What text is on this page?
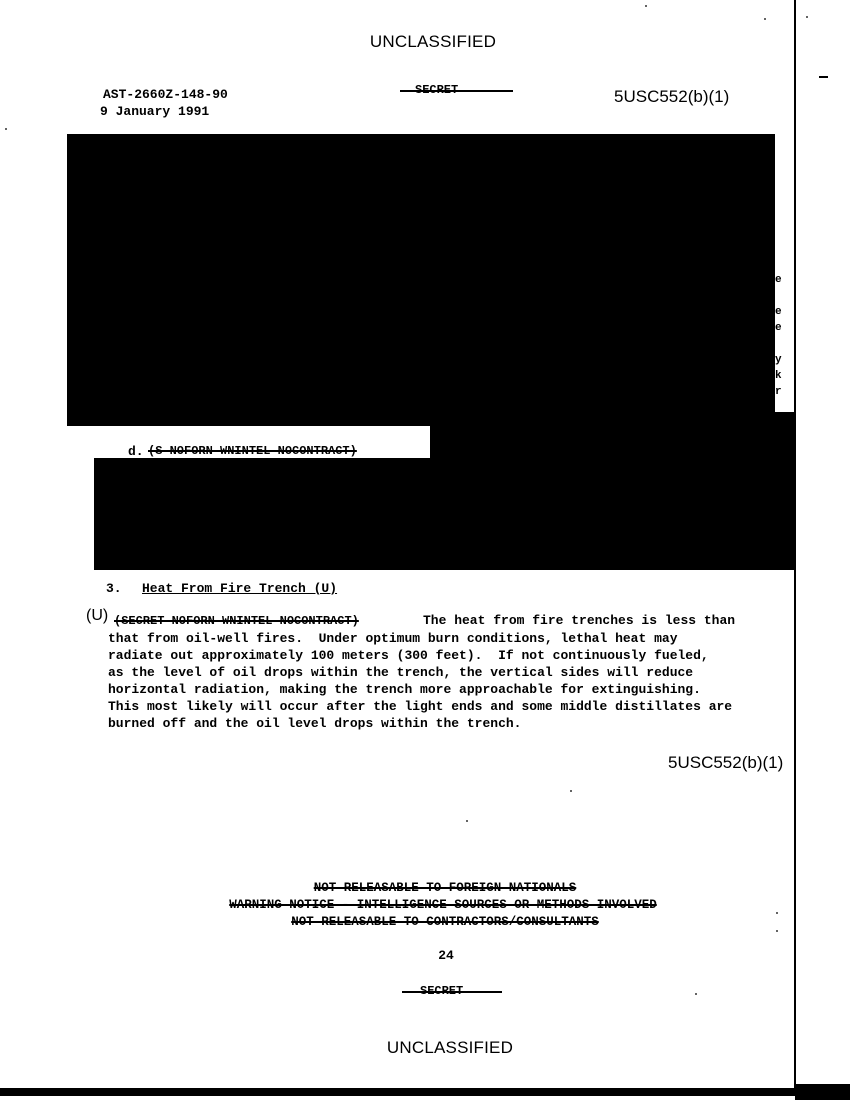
UNCLASSIFIED
AST-2660Z-148-90
9 January 1991
SECRET	5USC552(b)(1)
e

e
e

y
k
r
d. (S NOFORN WNINTEL NOCONTRACT)
3. Heat From Fire Trench (U)
(U) (SECRET NOFORN WNINTEL NOCONTRACT)	The heat from fire trenches is less than
that from oil-well fires.  Under optimum burn conditions, lethal heat may
radiate out approximately 100 meters (300 feet).  If not continuously fueled,
as the level of oil drops within the trench, the vertical sides will reduce
horizontal radiation, making the trench more approachable for extinguishing.
This most likely will occur after the light ends and some middle distillates are
burned off and the oil level drops within the trench.
5USC552(b)(1)
NOT RELEASABLE TO FOREIGN NATIONALS
WARNING NOTICE - INTELLIGENCE SOURCES OR METHODS INVOLVED
NOT RELEASABLE TO CONTRACTORS/CONSULTANTS
24
SECRET
UNCLASSIFIED
